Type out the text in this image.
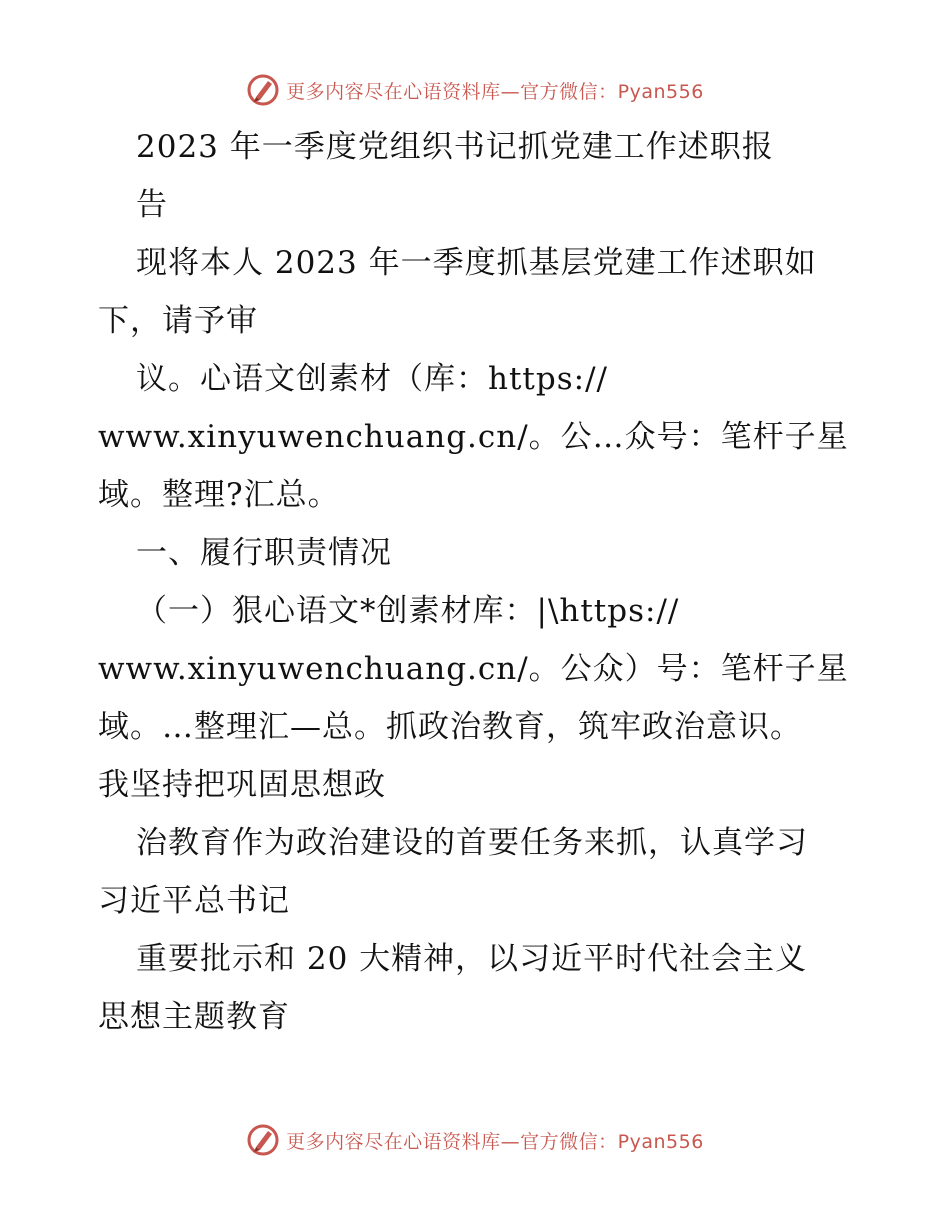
更多内容尽在心语资料库—官方微信：Pyan556
2023 年一季度党组织书记抓党建工作述职报
告
现将本人 2023 年一季度抓基层党建工作述职如
下，请予审
议。心语文创素材（库：https://
www.xinyuwenchuang.cn/。公…众号：笔杆子星
域。整理?汇总。
一、履行职责情况
（一）狠心语文*创素材库：|\https://
www.xinyuwenchuang.cn/。公众）号：笔杆子星
域。…整理汇—总。抓政治教育，筑牢政治意识。
我坚持把巩固思想政
治教育作为政治建设的首要任务来抓，认真学习
习近平总书记
重要批示和 20 大精神，以习近平时代社会主义
思想主题教育
更多内容尽在心语资料库—官方微信：Pyan556
